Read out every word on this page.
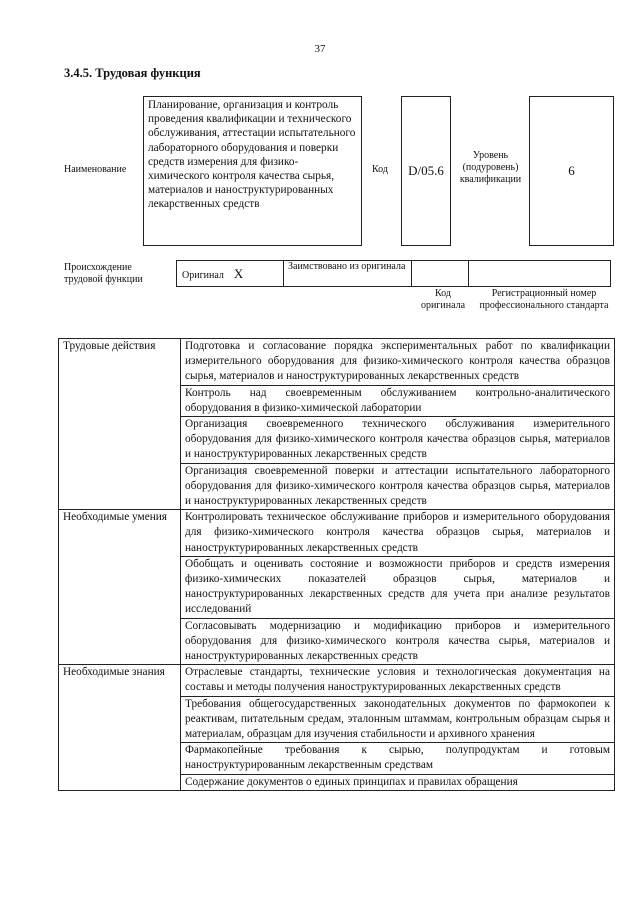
37
3.4.5. Трудовая функция
Наименование
Планирование, организация и контроль проведения квалификации и технического обслуживания, аттестации испытательного лабораторного оборудования и поверки средств измерения для физико-химического контроля качества сырья, материалов и наноструктурированных лекарственных средств
Код	D/05.6
Уровень (подуровень) квалификации
6
Происхождение трудовой функции	Оригинал X	Заимствовано из оригинала		
Код оригинала
Регистрационный номер профессионального стандарта
Трудовые действия	Подготовка и согласование порядка экспериментальных работ по квалификации измерительного оборудования для физико-химического контроля качества образцов сырья, материалов и наноструктурированных лекарственных средств
	Контроль над своевременным обслуживанием контрольно-аналитического оборудования в физико-химической лаборатории
	Организация своевременного технического обслуживания измерительного оборудования для физико-химического контроля качества образцов сырья, материалов и наноструктурированных лекарственных средств
	Организация своевременной поверки и аттестации испытательного лабораторного оборудования для физико-химического контроля качества образцов сырья, материалов и наноструктурированных лекарственных средств
Необходимые умения	Контролировать техническое обслуживание приборов и измерительного оборудования для физико-химического контроля качества образцов сырья, материалов и наноструктурированных лекарственных средств
	Обобщать и оценивать состояние и возможности приборов и средств измерения физико-химических показателей образцов сырья, материалов и наноструктурированных лекарственных средств для учета при анализе результатов исследований
	Согласовывать модернизацию и модификацию приборов и измерительного оборудования для физико-химического контроля качества сырья, материалов и наноструктурированных лекарственных средств
Необходимые знания	Отраслевые стандарты, технические условия и технологическая документация на составы и методы получения наноструктурированных лекарственных средств
	Требования общегосударственных законодательных документов по фармокопеи к реактивам, питательным средам, эталонным штаммам, контрольным образцам сырья и материалам, образцам для изучения стабильности и архивного хранения
	Фармакопейные требования к сырью, полупродуктам и готовым наноструктурированным лекарственным средствам
	Содержание документов о единых принципах и правилах обращения
